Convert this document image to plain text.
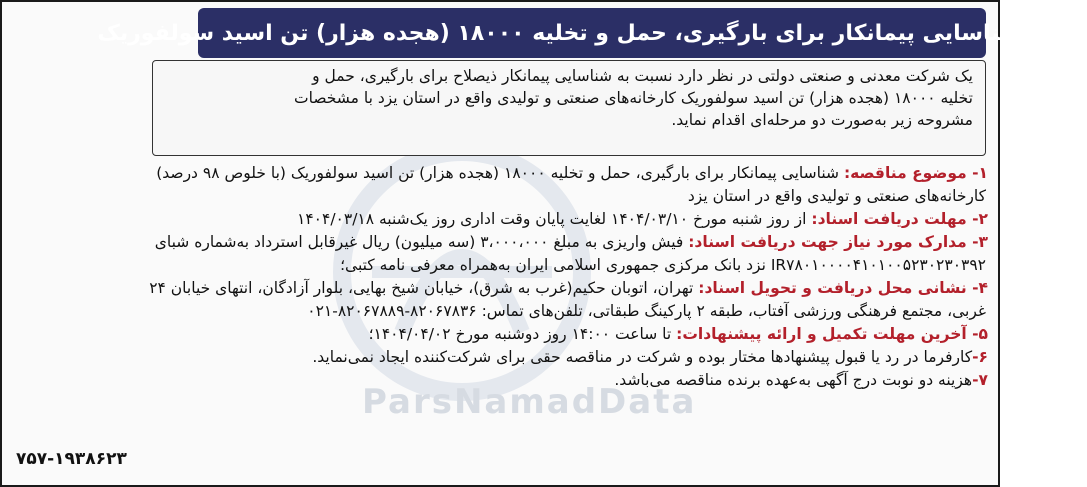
ParsNamadData
آگهی شناسایی پیمانکار برای بارگیری، حمل و تخلیه ۱۸۰۰۰ (هجده هزار) تن اسید سولفوریک
یک شرکت معدنی و صنعتی دولتی در نظر دارد نسبت به شناسایی پیمانکار ذیصلاح برای بارگیری، حمل و
تخلیه ۱۸۰۰۰ (هجده هزار) تن اسید سولفوریک کارخانه‌های صنعتی و تولیدی واقع در استان یزد با مشخصات
مشروحه زیر به‌صورت دو مرحله‌ای اقدام نماید.
۱- موضوع مناقصه: شناسایی پیمانکار برای بارگیری، حمل و تخلیه ۱۸۰۰۰ (هجده هزار) تن اسید سولفوریک (با خلوص ۹۸ درصد)
کارخانه‌های صنعتی و تولیدی واقع در استان یزد
۲- مهلت دریافت اسناد: از روز شنبه مورخ ۱۴۰۴/۰۳/۱۰ لغایت پایان وقت اداری روز یک‌شنبه ۱۴۰۴/۰۳/۱۸
۳- مدارک مورد نیاز جهت دریافت اسناد: فیش واریزی به مبلغ ۳،۰۰۰،۰۰۰ (سه میلیون) ریال غیرقابل استرداد به‌شماره شبای
IR۷۸۰۱۰۰۰۰۴۱۰۱۰۰۵۲۳۰۲۳۰۳۹۲ نزد بانک مرکزی جمهوری اسلامی ایران به‌همراه معرفی نامه کتبی؛
۴- نشانی محل دریافت و تحویل اسناد: تهران، اتوبان حکیم(غرب به شرق)، خیابان شیخ بهایی، بلوار آزادگان، انتهای خیابان ۲۴
غربی، مجتمع فرهنگی ورزشی آفتاب، طبقه ۲ پارکینگ طبقاتی، تلفن‌های تماس: ۸۲۰۶۷۸۳۶-۸۲۰۶۷۸۸۹-۰۲۱
۵- آخرین مهلت تکمیل و ارائه پیشنهادات: تا ساعت ۱۴:۰۰ روز دوشنبه مورخ ۱۴۰۴/۰۴/۰۲؛
۶-کارفرما در رد یا قبول پیشنهادها مختار بوده و شرکت در مناقصه حقی برای شرکت‌کننده ایجاد نمی‌نماید.
۷-هزینه دو نوبت درج آگهی به‌عهده برنده مناقصه می‌باشد.
۷۵۷-۱۹۳۸۶۲۳
